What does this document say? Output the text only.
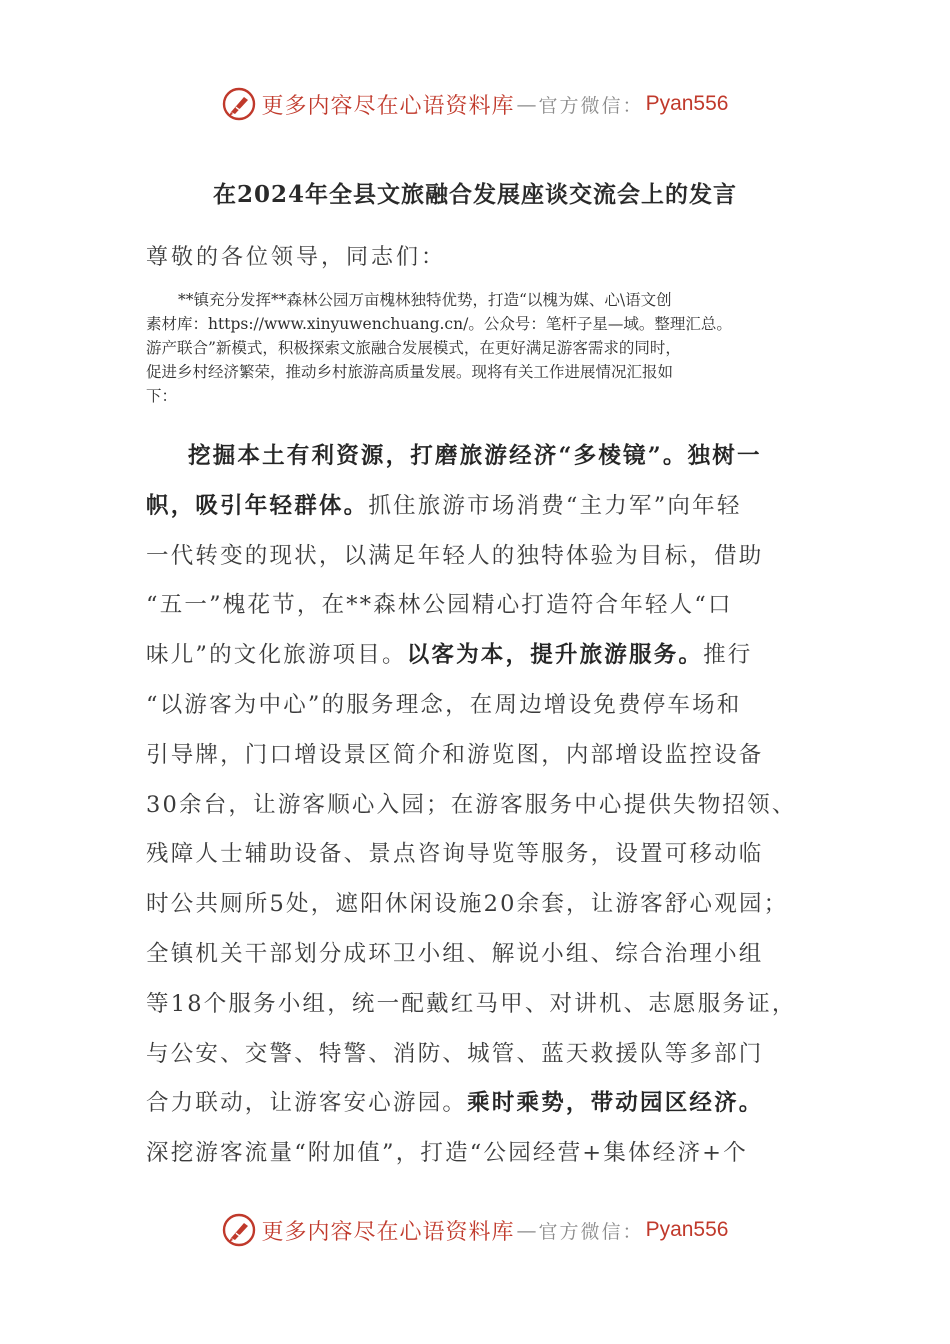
更多内容尽在心语资料库 — 官方微信： Pyan556
在2024年全县文旅融合发展座谈交流会上的发言
尊敬的各位领导，同志们：
**镇充分发挥**森林公园万亩槐林独特优势，打造“以槐为媒、心\语文创
素材库：https://www.xinyuwenchuang.cn/。公众号：笔杆子星—域。整理汇总。
游产联合”新模式，积极探索文旅融合发展模式，在更好满足游客需求的同时，
促进乡村经济繁荣，推动乡村旅游高质量发展。现将有关工作进展情况汇报如
下：
挖掘本土有利资源，打磨旅游经济“多棱镜”。独树一
帜，吸引年轻群体。抓住旅游市场消费“主力军”向年轻
一代转变的现状，以满足年轻人的独特体验为目标，借助
“五一”槐花节，在**森林公园精心打造符合年轻人“口
味儿”的文化旅游项目。以客为本，提升旅游服务。推行
“以游客为中心”的服务理念，在周边增设免费停车场和
引导牌，门口增设景区简介和游览图，内部增设监控设备
30余台，让游客顺心入园；在游客服务中心提供失物招领、
残障人士辅助设备、景点咨询导览等服务，设置可移动临
时公共厕所5处，遮阳休闲设施20余套，让游客舒心观园；
全镇机关干部划分成环卫小组、解说小组、综合治理小组
等18个服务小组，统一配戴红马甲、对讲机、志愿服务证，
与公安、交警、特警、消防、城管、蓝天救援队等多部门
合力联动，让游客安心游园。乘时乘势，带动园区经济。
深挖游客流量“附加值”，打造“公园经营+集体经济+个
更多内容尽在心语资料库 — 官方微信： Pyan556
